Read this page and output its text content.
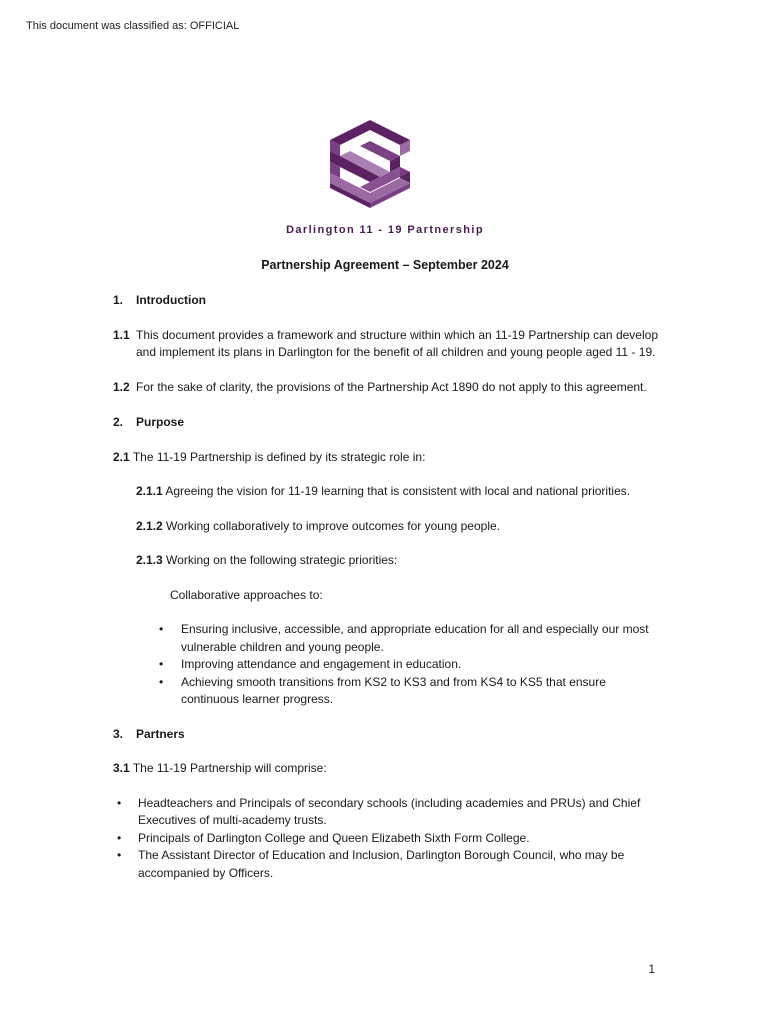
This document was classified as: OFFICIAL
Darlington 11 - 19 Partnership
Partnership Agreement – September 2024

1. Introduction

1.1 This document provides a framework and structure within which an 11-19 Partnership can develop and implement its plans in Darlington for the benefit of all children and young people aged 11 - 19.

1.2 For the sake of clarity, the provisions of the Partnership Act 1890 do not apply to this agreement.

2. Purpose

2.1 The 11-19 Partnership is defined by its strategic role in:

2.1.1 Agreeing the vision for 11-19 learning that is consistent with local and national priorities.

2.1.2 Working collaboratively to improve outcomes for young people.

2.1.3 Working on the following strategic priorities:

Collaborative approaches to:

• Ensuring inclusive, accessible, and appropriate education for all and especially our most vulnerable children and young people.
• Improving attendance and engagement in education.
• Achieving smooth transitions from KS2 to KS3 and from KS4 to KS5 that ensure continuous learner progress.

3. Partners

3.1 The 11-19 Partnership will comprise:

• Headteachers and Principals of secondary schools (including academies and PRUs) and Chief Executives of multi-academy trusts.
• Principals of Darlington College and Queen Elizabeth Sixth Form College.
• The Assistant Director of Education and Inclusion, Darlington Borough Council, who may be accompanied by Officers.
1
